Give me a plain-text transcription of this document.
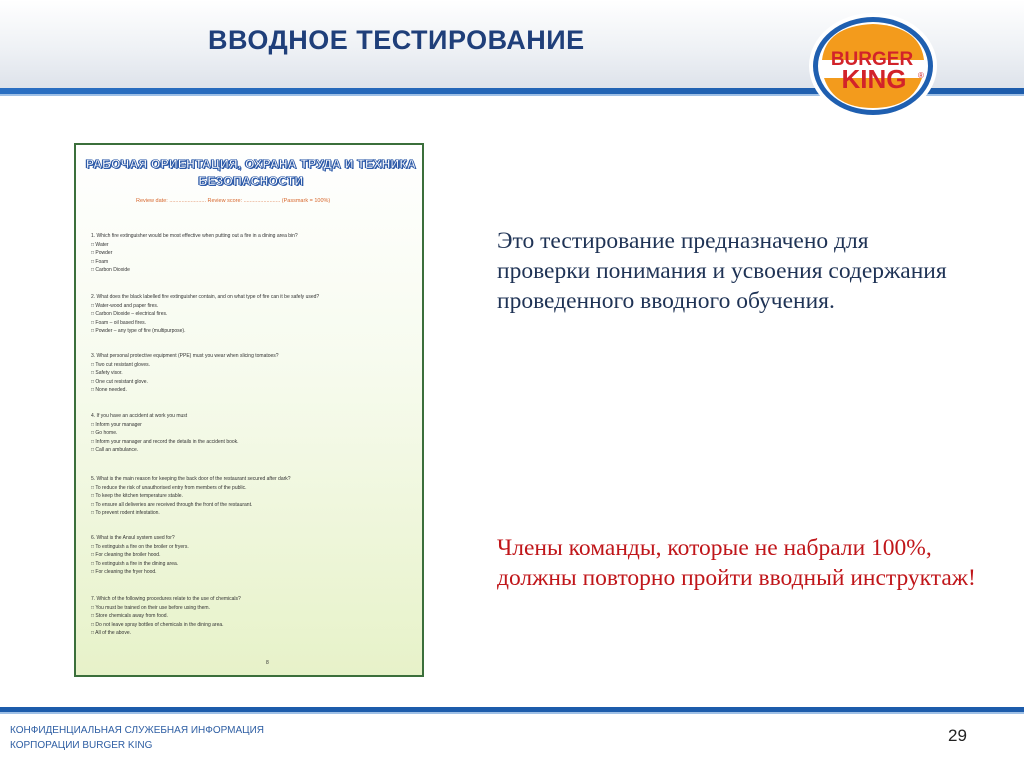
ВВОДНОЕ ТЕСТИРОВАНИЕ
BURGER
KING ®
РАБОЧАЯ ОРИЕНТАЦИЯ, ОХРАНА ТРУДА И ТЕХНИКА
БЕЗОПАСНОСТИ
Review date: ........................ Review score: ........................ (Passmark = 100%)
1. Which fire extinguisher would be most effective when putting out a fire in a dining area bin?
□ Water
□ Powder
□ Foam
□ Carbon Dioxide
2. What does the black labelled fire extinguisher contain, and on what type of fire can it be safely used?
□ Water-wood and paper fires.
□ Carbon Dioxide – electrical fires.
□ Foam – oil based fires.
□ Powder – any type of fire (multipurpose).
3. What personal protective equipment (PPE) must you wear when slicing tomatoes?
□ Two cut resistant gloves.
□ Safety visor.
□ One cut resistant glove.
□ None needed.
4. If you have an accident at work you must
□ Inform your manager
□ Go home.
□ Inform your manager and record the details in the accident book.
□ Call an ambulance.
5. What is the main reason for keeping the back door of the restaurant secured after dark?
□ To reduce the risk of unauthorised entry from members of the public.
□ To keep the kitchen temperature stable.
□ To ensure all deliveries are received through the front of the restaurant.
□ To prevent rodent infestation.
6. What is the Ansul system used for?
□ To extinguish a fire on the broiler or fryers.
□ For cleaning the broiler hood.
□ To extinguish a fire in the dining area.
□ For cleaning the fryer hood.
7. Which of the following procedures relate to the use of chemicals?
□ You must be trained on their use before using them.
□ Store chemicals away from food.
□ Do not leave spray bottles of chemicals in the dining area.
□ All of the above.
8

Это тестирование предназначено для проверки понимания и усвоения содержания проведенного вводного обучения.

Члены команды, которые не набрали 100%, должны повторно пройти вводный инструктаж!

КОНФИДЕНЦИАЛЬНАЯ СЛУЖЕБНАЯ ИНФОРМАЦИЯ

КОРПОРАЦИИ BURGER KING

29
